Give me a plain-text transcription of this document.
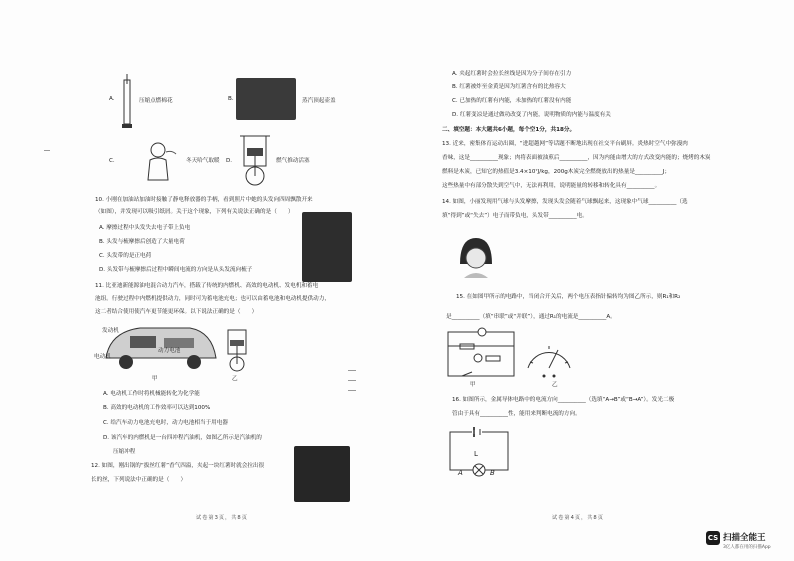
A.	压缩点燃棉花	B.	蒸汽顶起壶盖
C.	冬天哈气取暖 D.	燃气推动活塞
10. 小刚在加油站加油时接触了静电释放器的手柄，看到照片中她的头发向四周飘散开来
（如图），并发现可以吸引纸屑。关于这个现象，下列有关说法正确的是（　　）
A. 摩擦过程中头发失去电子带上负电
B. 头发与梳摩擦后创造了大量电荷
C. 头发带的是正电荷
D. 头发带与梳摩擦后过程中瞬间电流的方向是从头发流向梳子
11. 比亚迪新能源油电混合动力汽车，搭载了传统的内燃机、高效的电动机、发电机和蓄电
池组。行驶过程中内燃机提供动力，同时可为蓄电池充电；也可以由蓄电池和电动机提供动力，
这二者结合使用使汽车更节能更环保。以下说法正确的是（　　）
发动机
电动机
动力电池
甲	乙
A. 电动机工作时将机械能转化为化学能
B. 高效的电动机的工作效率可以达到100%
C. 给汽车动力电池充电时，动力电池相当于用电器
D. 该汽车的内燃机是一台四冲程汽油机，如图乙所示是汽油机的
压缩冲程
12. 如图，刚出锅的“拔丝红薯”香气四溢，夹起一块红薯时就会拉出很
长的丝，下列说法中正确的是（　　）
试卷第3页，共8页
A. 夹起红薯时会拉长丝线是因为分子间存在引力
B. 红薯被炸至金黄是因为红薯含有的比热容大
C. 已加热的红薯有内能，未加热的红薯没有内能
D. 红薯变凉是通过做功改变了内能，说明物质的内能与温度有关
二、填空题：本大题共6小题，每个空1分，共18分。
13. 近来，密集体育运动出圈，“进超越网”等话题不断地出现在社交平台刷屏。炎热时空气中弥漫肉
香味，这是__________现象；肉将表面被油煎后__________，因为内能由增大的方式改变内能的；烧烤的木炭
燃料是木炭，已知它的热值是3.4×10⁷J/kg，200g木炭完全燃烧放出的热量是__________J；
这些热量中有部分散失到空气中，无法再利用，说明能量的转移和转化具有__________。
14. 如图，小丽发现用气球与头发摩擦，发现头发会随着气球飘起来，这现象中气球__________（选
填“得到”或“失去”）电子而带负电，头发带__________电。
15. 在如图甲所示的电路中，当闭合开关后，两个电压表指针偏转均为图乙所示，则R₁和R₂
是__________（填“串联”或“并联”），通过R₁的电流是__________A。
甲	乙
16. 如图所示，金属导体电路中的电流方向__________（选填“A→B”或“B→A”）。发光二极
管由于具有__________性，能用来判断电流的方向。
L
A	B
试卷第4页，共8页
CS 扫描全能王
3亿人都在用的扫描App
